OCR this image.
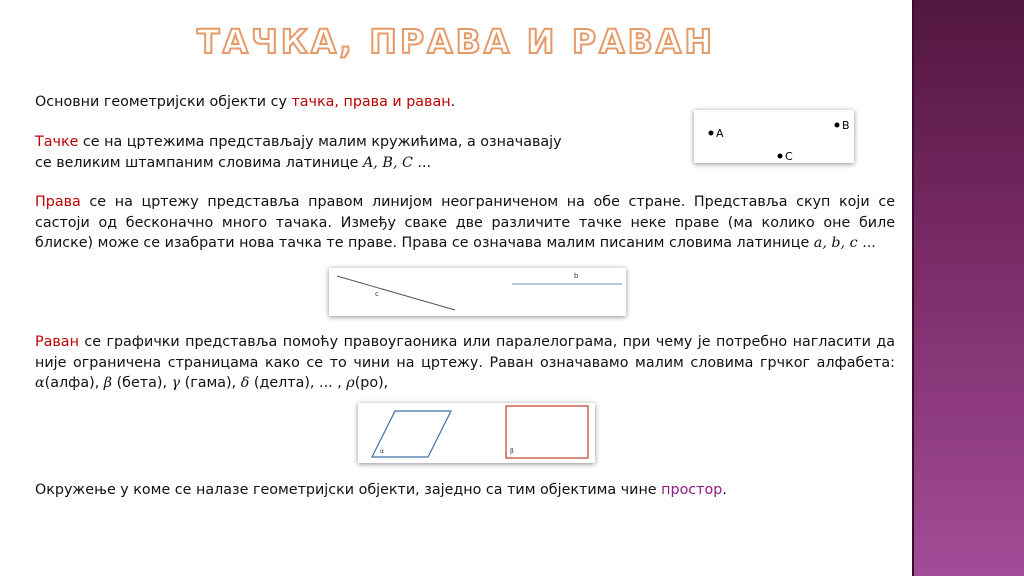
ТАЧКА, ПРАВА И РАВАН

Основни геометријски објекти су тачка, права и раван.

Тачке се на цртежима представљају малим кружићима, а означавају
се великим штампаним словима латинице A, B, C ...

A
B
C

Права се на цртежу представља правом линијом неограниченом на обе стране. Представља скуп који се састоји од бесконачно много тачака. Између сваке две различите тачке неке праве (ма колико оне биле блиске) може се изабрати нова тачка те праве. Права се означава малим писаним словима латинице a, b, c ...

c
b

Раван се графички представља помоћу правоугаоника или паралелограма, при чему је потребно нагласити да није ограничена страницама како се то чини на цртежу. Раван означавамо малим словима грчког алфабета: α(алфа), β (бета), γ (гама), δ (делта), ... , ρ(ро),

α	β

Окружење у коме се налазе геометријски објекти, заједно са тим објектима чине простор.
